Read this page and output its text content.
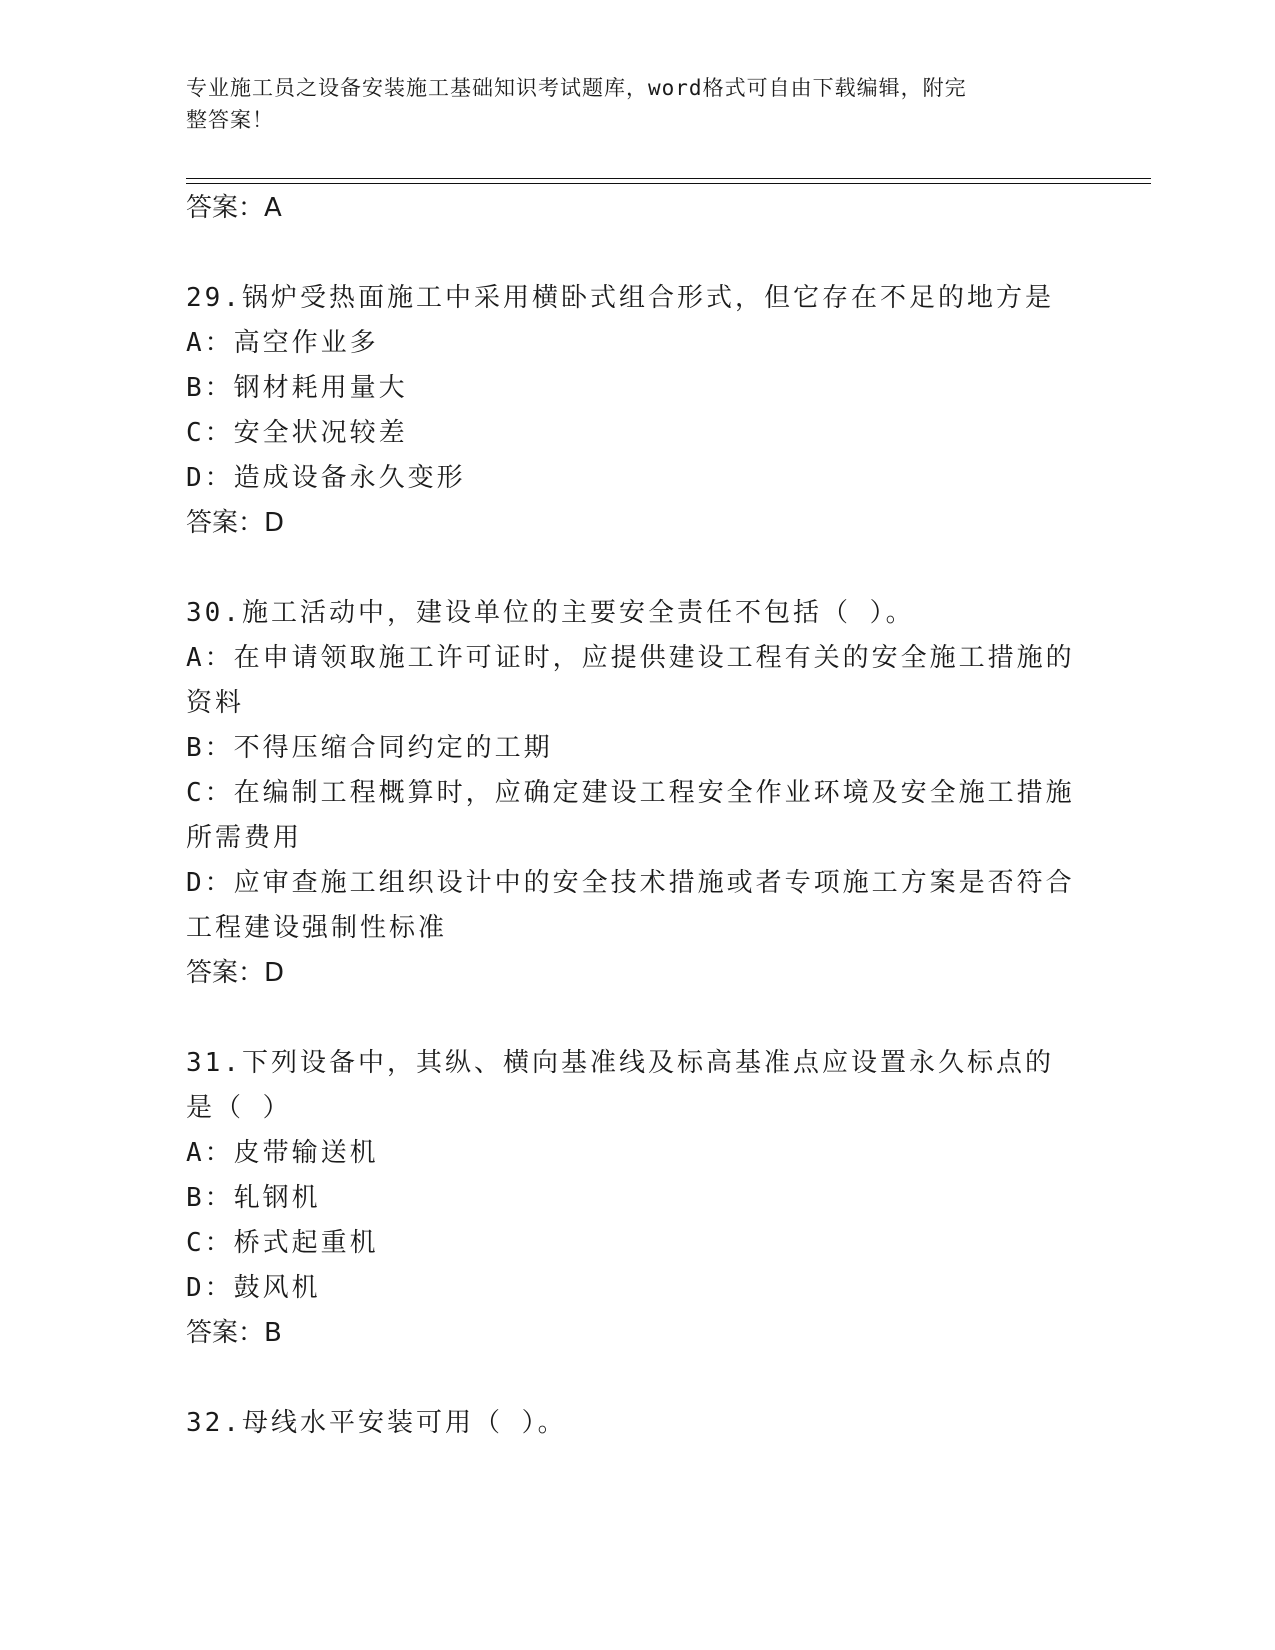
专业施工员之设备安装施工基础知识考试题库，word格式可自由下载编辑，附完
整答案！
答案：A
29.锅炉受热面施工中采用横卧式组合形式，但它存在不足的地方是
A：高空作业多
B：钢材耗用量大
C：安全状况较差
D：造成设备永久变形
答案：D
30.施工活动中，建设单位的主要安全责任不包括（ ）。
A：在申请领取施工许可证时，应提供建设工程有关的安全施工措施的资料
B：不得压缩合同约定的工期
C：在编制工程概算时，应确定建设工程安全作业环境及安全施工措施所需费用
D：应审查施工组织设计中的安全技术措施或者专项施工方案是否符合工程建设强制性标准
答案：D
31.下列设备中，其纵、横向基准线及标高基准点应设置永久标点的是（ ）
A：皮带输送机
B：轧钢机
C：桥式起重机
D：鼓风机
答案：B
32.母线水平安装可用（ ）。
